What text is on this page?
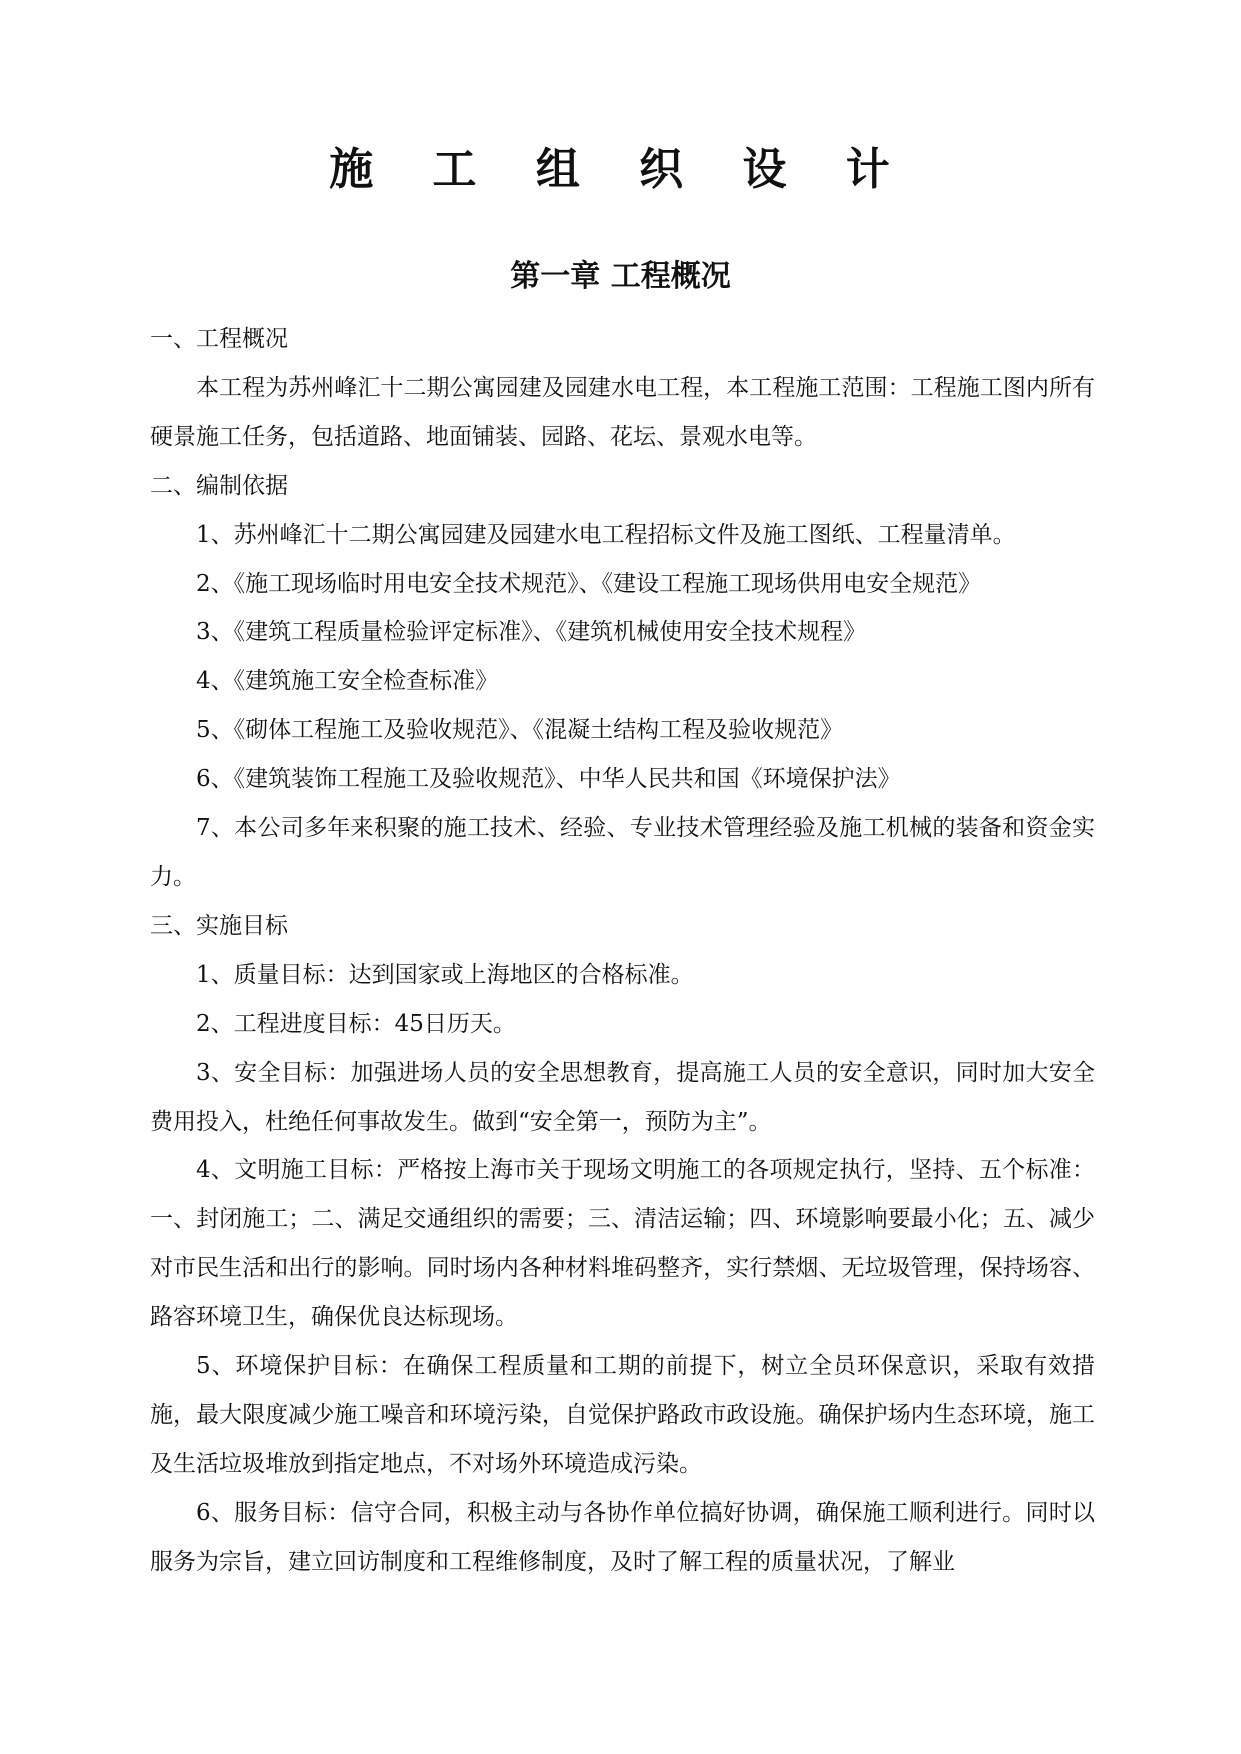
施 工 组 织 设 计
第一章 工程概况

一、工程概况

本工程为苏州峰汇十二期公寓园建及园建水电工程，本工程施工范围：工程施工图内所有硬景施工任务，包括道路、地面铺装、园路、花坛、景观水电等。

二、编制依据

1、苏州峰汇十二期公寓园建及园建水电工程招标文件及施工图纸、工程量清单。

2、《施工现场临时用电安全技术规范》、《建设工程施工现场供用电安全规范》

3、《建筑工程质量检验评定标准》、《建筑机械使用安全技术规程》

4、《建筑施工安全检查标准》

5、《砌体工程施工及验收规范》、《混凝土结构工程及验收规范》

6、《建筑装饰工程施工及验收规范》、中华人民共和国《环境保护法》

7、本公司多年来积聚的施工技术、经验、专业技术管理经验及施工机械的装备和资金实力。

三、实施目标

1、质量目标：达到国家或上海地区的合格标准。

2、工程进度目标：45日历天。

3、安全目标：加强进场人员的安全思想教育，提高施工人员的安全意识，同时加大安全费用投入，杜绝任何事故发生。做到“安全第一，预防为主”。

4、文明施工目标：严格按上海市关于现场文明施工的各项规定执行，坚持、五个标准：一、封闭施工；二、满足交通组织的需要；三、清洁运输；四、环境影响要最小化；五、减少对市民生活和出行的影响。同时场内各种材料堆码整齐，实行禁烟、无垃圾管理，保持场容、路容环境卫生，确保优良达标现场。

5、环境保护目标：在确保工程质量和工期的前提下，树立全员环保意识，采取有效措施，最大限度减少施工噪音和环境污染，自觉保护路政市政设施。确保护场内生态环境，施工及生活垃圾堆放到指定地点，不对场外环境造成污染。

6、服务目标：信守合同，积极主动与各协作单位搞好协调，确保施工顺利进行。同时以服务为宗旨，建立回访制度和工程维修制度，及时了解工程的质量状况，了解业
